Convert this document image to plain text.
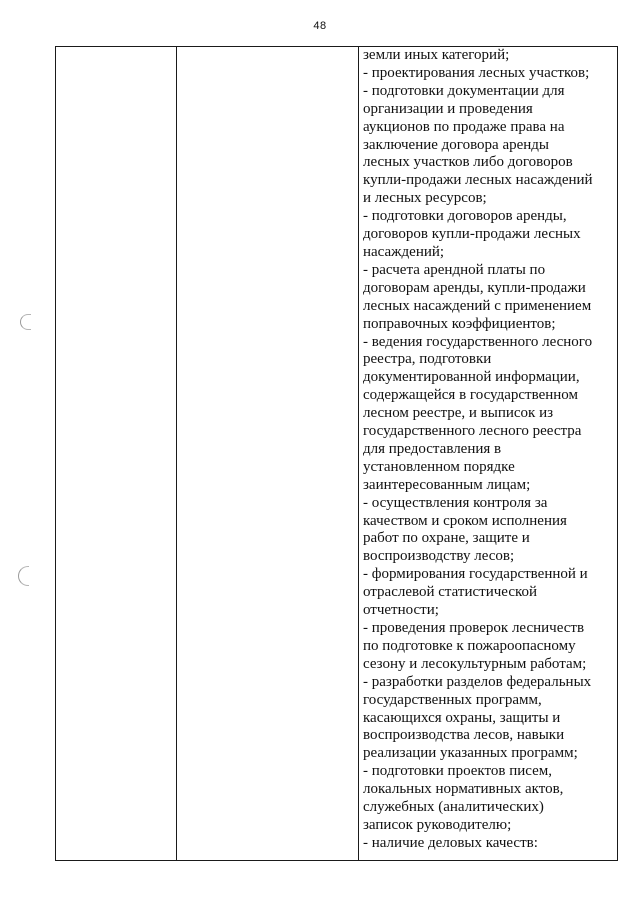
48

земли иных категорий;
- проектирования лесных участков;
- подготовки документации для
организации и проведения
аукционов по продаже права на
заключение договора аренды
лесных участков либо договоров
купли-продажи лесных насаждений
и лесных ресурсов;
- подготовки договоров аренды,
договоров купли-продажи лесных
насаждений;
- расчета арендной платы по
договорам аренды, купли-продажи
лесных насаждений с применением
поправочных коэффициентов;
- ведения государственного лесного
реестра, подготовки
документированной информации,
содержащейся в государственном
лесном реестре, и выписок из
государственного лесного реестра
для предоставления в
установленном порядке
заинтересованным лицам;
- осуществления контроля за
качеством и сроком исполнения
работ по охране, защите и
воспроизводству лесов;
- формирования государственной и
отраслевой статистической
отчетности;
- проведения проверок лесничеств
по подготовке к пожароопасному
сезону и лесокультурным работам;
- разработки разделов федеральных
государственных программ,
касающихся охраны, защиты и
воспроизводства лесов, навыки
реализации указанных программ;
- подготовки проектов писем,
локальных нормативных актов,
служебных (аналитических)
записок руководителю;
- наличие деловых качеств:
